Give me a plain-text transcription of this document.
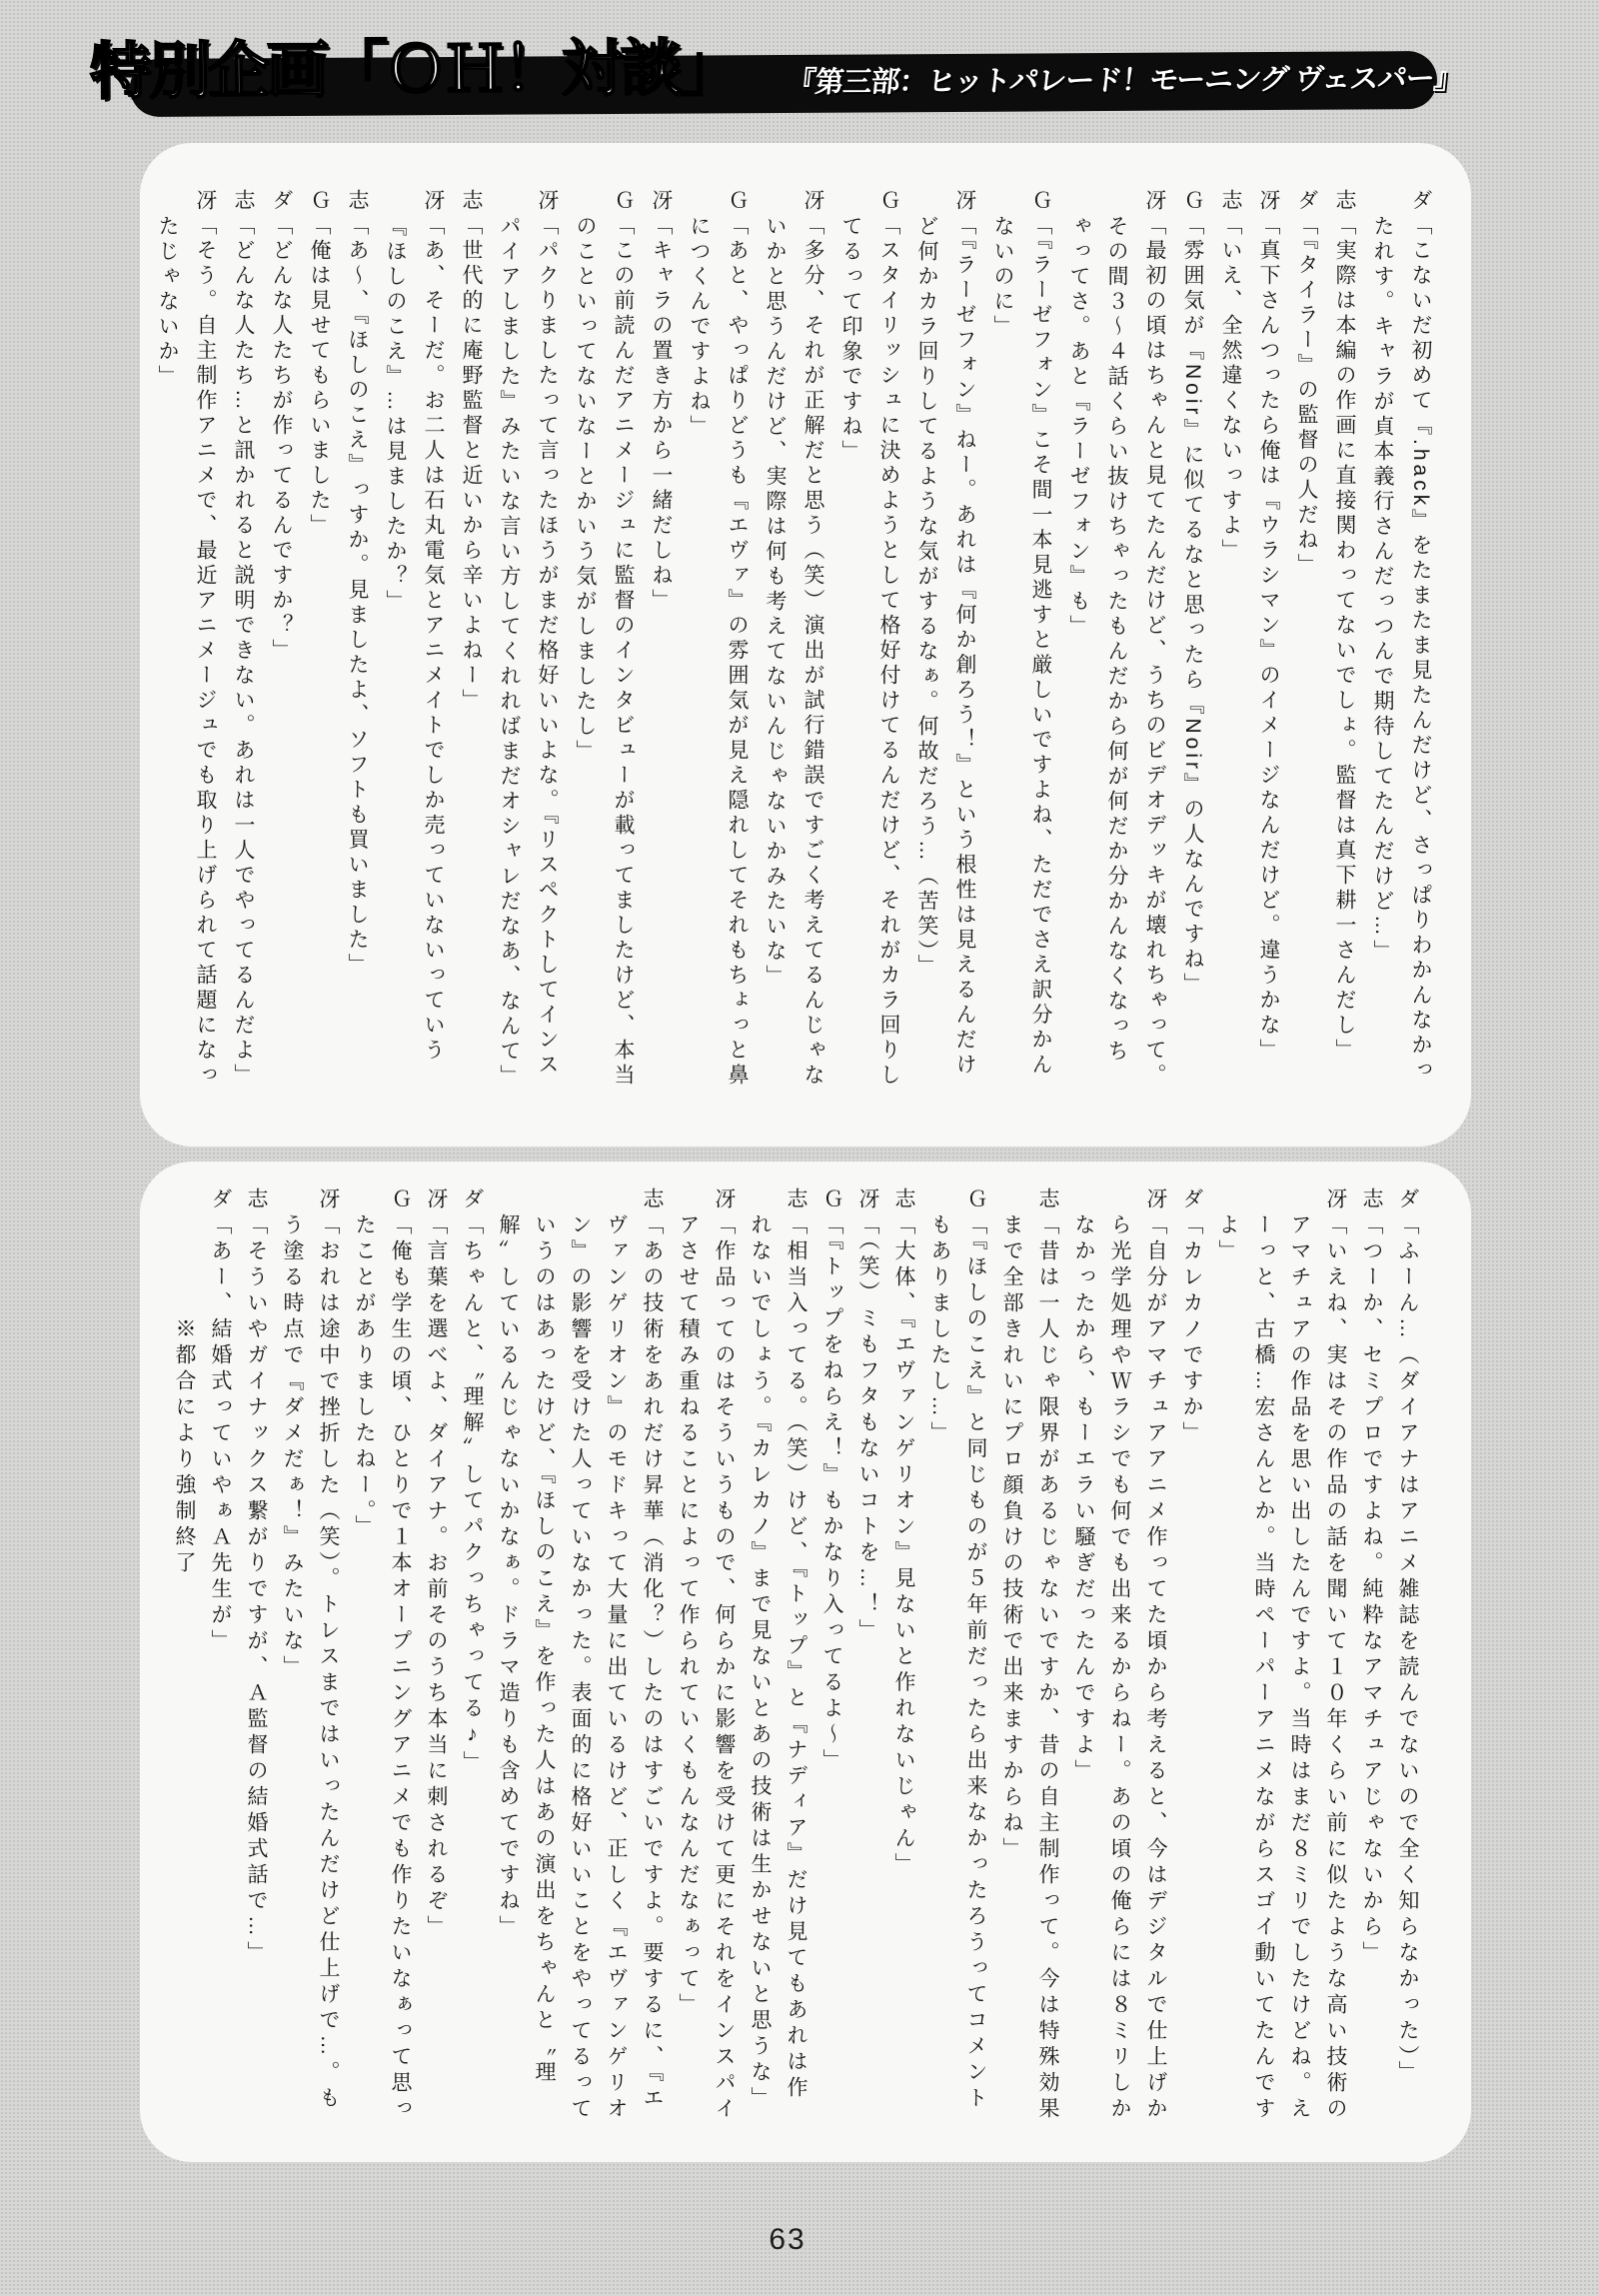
特別企画「ＯＨ！対談」 『第三部：ヒットパレード！モーニング ヴェスパー』
ダ「こないだ初めて『.hack』をたまたま見たんだけど、さっぱりわかんなかったれす。キャラが貞本義行さんだっつんで期待してたんだけど…」
志「実際は本編の作画に直接関わってないでしょ。監督は真下耕一さんだし」
ダ「『タイラー』の監督の人だね」
冴「真下さんつったら俺は『ウラシマン』のイメージなんだけど。違うかな」
志「いえ、全然違くないっすよ」
Ｇ「雰囲気が『Noir』に似てるなと思ったら『Noir』の人なんですね」
冴「最初の頃はちゃんと見てたんだけど、うちのビデオデッキが壊れちゃって。その間３〜４話くらい抜けちゃったもんだから何が何だか分かんなくなっちゃってさ。あと『ラーゼフォン』も」
Ｇ「『ラーゼフォン』こそ間一本見逃すと厳しいですよね、ただでさえ訳分かんないのに」
冴「『ラーゼフォン』ねー。あれは『何か創ろう！』という根性は見えるんだけど何かカラ回りしてるような気がするなぁ。何故だろう…（苦笑）」
Ｇ「スタイリッシュに決めようとして格好付けてるんだけど、それがカラ回りしてるって印象ですね」
冴「多分、それが正解だと思う（笑）演出が試行錯誤ですごく考えてるんじゃないかと思うんだけど、実際は何も考えてないんじゃないかみたいな」
Ｇ「あと、やっぱりどうも『エヴァ』の雰囲気が見え隠れしてそれもちょっと鼻につくんですよね」
冴「キャラの置き方から一緒だしね」
Ｇ「この前読んだアニメージュに監督のインタビューが載ってましたけど、本当のこといってないなーとかいう気がしましたし」
冴「パクりましたって言ったほうがまだ格好いいよな。『リスペクトしてインスパイアしました』みたいな言い方してくれればまだオシャレだなあ、なんて」
志「世代的に庵野監督と近いから辛いよねー」
冴「あ、そーだ。お二人は石丸電気とアニメイトでしか売っていないっていう『ほしのこえ』…は見ましたか？」
志「あ〜、『ほしのこえ』っすか。見ましたよ、ソフトも買いました」
Ｇ「俺は見せてもらいました」
ダ「どんな人たちが作ってるんですか？」
志「どんな人たち…と訊かれると説明できない。あれは一人でやってるんだよ」
冴「そう。自主制作アニメで、最近アニメージュでも取り上げられて話題になったじゃないか」
ダ「ふーん…（ダイアナはアニメ雑誌を読んでないので全く知らなかった）」
志「つーか、セミプロですよね。純粋なアマチュアじゃないから」
冴「いえね、実はその作品の話を聞いて１０年くらい前に似たような高い技術のアマチュアの作品を思い出したんですよ。当時はまだ８ミリでしたけどね。えーっと、古橋…宏さんとか。当時ペーパーアニメながらスゴイ動いてたんですよ」
ダ「カレカノですか」
冴「自分がアマチュアアニメ作ってた頃から考えると、今はデジタルで仕上げから光学処理やＷラシでも何でも出来るからねー。あの頃の俺らには８ミリしかなかったから、もーエラい騒ぎだったんですよ」
志「昔は一人じゃ限界があるじゃないですか、昔の自主制作って。今は特殊効果まで全部きれいにプロ顔負けの技術で出来ますからね」
Ｇ「『ほしのこえ』と同じものが５年前だったら出来なかったろうってコメントもありましたし…」
志「大体、『エヴァンゲリオン』見ないと作れないじゃん」
冴「（笑）ミもフタもないコトを…！」
Ｇ「『トップをねらえ！』もかなり入ってるよ〜」
志「相当入ってる。（笑）けど、『トップ』と『ナディア』だけ見てもあれは作れないでしょう。『カレカノ』まで見ないとあの技術は生かせないと思うな」
冴「作品ってのはそういうもので、何らかに影響を受けて更にそれをインスパイアさせて積み重ねることによって作られていくもんなんだなぁって」
志「あの技術をあれだけ昇華（消化？）したのはすごいですよ。要するに、『エヴァンゲリオン』のモドキって大量に出ているけど、正しく『エヴァンゲリオン』の影響を受けた人っていなかった。表面的に格好いいことをやってるっていうのはあったけど、『ほしのこえ』を作った人はあの演出をちゃんと〝理解〟しているんじゃないかなぁ。ドラマ造りも含めてですね」
ダ「ちゃんと、〝理解〟してパクっちゃってる♪」
冴「言葉を選べよ、ダイアナ。お前そのうち本当に刺されるぞ」
Ｇ「俺も学生の頃、ひとりで１本オープニングアニメでも作りたいなぁって思ったことがありましたねー。」
冴「おれは途中で挫折した（笑）。トレスまではいったんだけど仕上げで…。もう塗る時点で『ダメだぁ！』みたいな」
志「そういやガイナックス繋がりですが、Ａ監督の結婚式話で…」
ダ「あー、結婚式っていやぁＡ先生が」
※都合により強制終了
63
